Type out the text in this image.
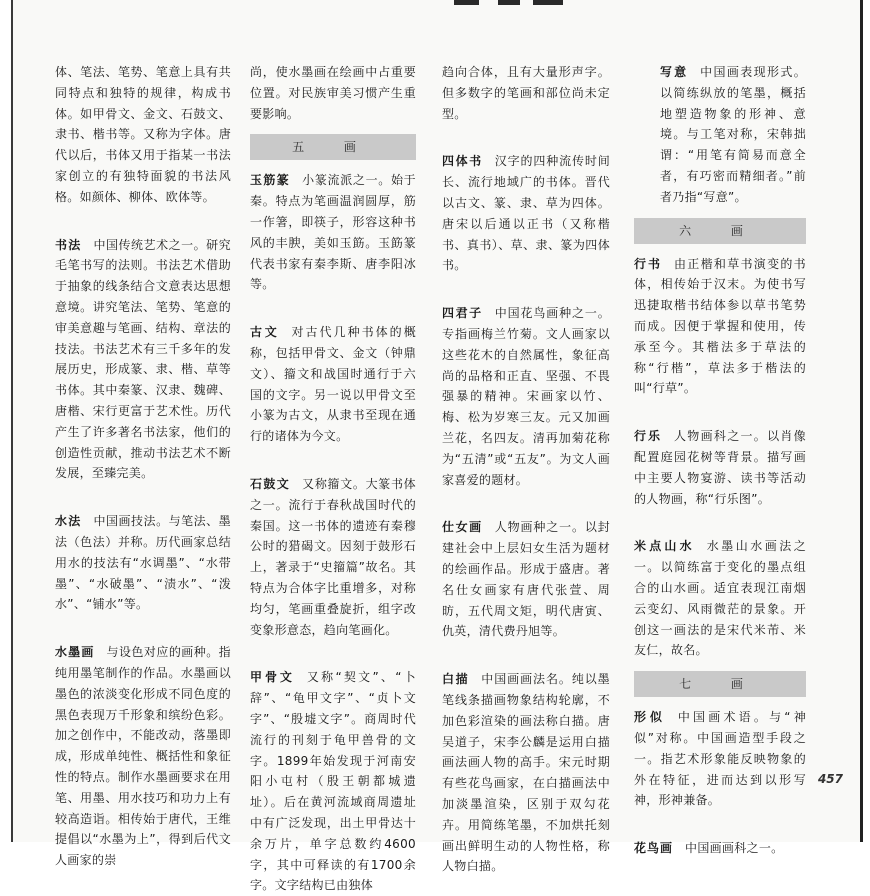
体、笔法、笔势、笔意上具有共同特点和独特的规律，构成书体。如甲骨文、金文、石鼓文、隶书、楷书等。又称为字体。唐代以后，书体又用于指某一书法家创立的有独特面貌的书法风格。如颜体、柳体、欧体等。

书法 中国传统艺术之一。研究毛笔书写的法则。书法艺术借助于抽象的线条结合文意表达思想意境。讲究笔法、笔势、笔意的审美意趣与笔画、结构、章法的技法。书法艺术有三千多年的发展历史，形成篆、隶、楷、草等书体。其中秦篆、汉隶、魏碑、唐楷、宋行更富于艺术性。历代产生了许多著名书法家，他们的创造性贡献，推动书法艺术不断发展，至臻完美。

水法 中国画技法。与笔法、墨法（色法）并称。历代画家总结用水的技法有“水调墨”、“水带墨”、“水破墨”、“渍水”、“泼水”、“铺水”等。

水墨画 与设色对应的画种。指纯用墨笔制作的作品。水墨画以墨色的浓淡变化形成不同色度的黑色表现万千形象和缤纷色彩。加之创作中，不能改动，落墨即成，形成单纯性、概括性和象征性的特点。制作水墨画要求在用笔、用墨、用水技巧和功力上有较高造诣。相传始于唐代，王维提倡以“水墨为上”，得到后代文人画家的崇

尚，使水墨画在绘画中占重要位置。对民族审美习惯产生重要影响。

五 画

玉筋篆 小篆流派之一。始于秦。特点为笔画温润圆厚，筋一作箸，即筷子，形容这种书风的丰腴，美如玉筯。玉筯篆代表书家有秦李斯、唐李阳冰等。

古文 对古代几种书体的概称，包括甲骨文、金文（钟鼎文）、籀文和战国时通行于六国的文字。另一说以甲骨文至小篆为古文，从隶书至现在通行的诸体为今文。

石鼓文 又称籀文。大篆书体之一。流行于春秋战国时代的秦国。这一书体的遗迹有秦穆公时的猎碣文。因刻于鼓形石上，著录于“史籀篇”故名。其特点为合体字比重增多，对称均匀，笔画重叠旋折，组字改变象形意态，趋向笔画化。

甲骨文 又称“契文”、“卜辞”、“龟甲文字”、“贞卜文字”、“殷墟文字”。商周时代流行的刊刻于龟甲兽骨的文字。1899年始发现于河南安阳小屯村（殷王朝都城遗址）。后在黄河流域商周遗址中有广泛发现，出土甲骨达十余万片，单字总数约4600字，其中可释读的有1700余字。文字结构已由独体

趋向合体，且有大量形声字。但多数字的笔画和部位尚未定型。

四体书 汉字的四种流传时间长、流行地域广的书体。晋代以古文、篆、隶、草为四体。唐宋以后通以正书（又称楷书、真书）、草、隶、篆为四体书。

四君子 中国花鸟画种之一。专指画梅兰竹菊。文人画家以这些花木的自然属性，象征高尚的品格和正直、坚强、不畏强暴的精神。宋画家以竹、梅、松为岁寒三友。元又加画兰花，名四友。清再加菊花称为“五清”或“五友”。为文人画家喜爱的题材。

仕女画 人物画种之一。以封建社会中上层妇女生活为题材的绘画作品。形成于盛唐。著名仕女画家有唐代张萱、周昉，五代周文矩，明代唐寅、仇英，清代费丹旭等。

白描 中国画画法名。纯以墨笔线条描画物象结构轮廓，不加色彩渲染的画法称白描。唐吴道子，宋李公麟是运用白描画法画人物的高手。宋元时期有些花鸟画家，在白描画法中加淡墨渲染，区别于双勾花卉。用简练笔墨，不加烘托刻画出鲜明生动的人物性格，称人物白描。

写意 中国画表现形式。以简练纵放的笔墨，概括地塑造物象的形神、意境。与工笔对称，宋韩拙谓：“用笔有简易而意全者，有巧密而精细者。”前者乃指“写意”。

六 画

行书 由正楷和草书演变的书体，相传始于汉末。为使书写迅捷取楷书结体参以草书笔势而成。因便于掌握和使用，传承至今。其楷法多于草法的称“行楷”，草法多于楷法的叫“行草”。

行乐 人物画科之一。以肖像配置庭园花树等背景。描写画中主要人物宴游、读书等活动的人物画，称“行乐图”。

米点山水 水墨山水画法之一。以简练富于变化的墨点组合的山水画。适宜表现江南烟云变幻、风雨微茫的景象。开创这一画法的是宋代米芾、米友仁，故名。

七 画

形似 中国画术语。与“神似”对称。中国画造型手段之一。指艺术形象能反映物象的外在特征，进而达到以形写神，形神兼备。

花鸟画 中国画画科之一。

457
